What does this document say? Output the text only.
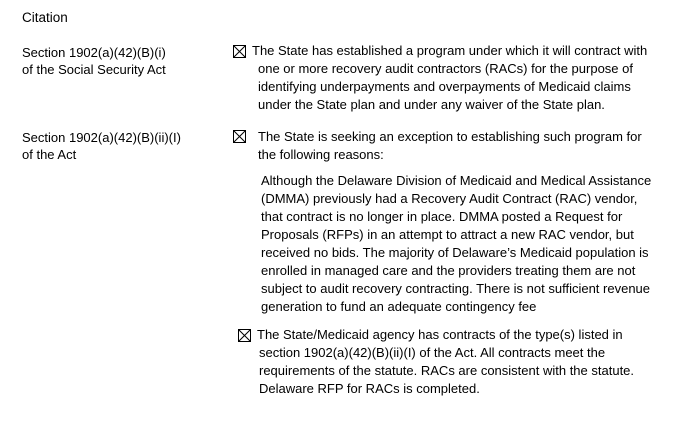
Citation
Section 1902(a)(42)(B)(i)
of the Social Security Act
The State has established a program under which it will contract with
one or more recovery audit contractors (RACs) for the purpose of
identifying underpayments and overpayments of Medicaid claims
under the State plan and under any waiver of the State plan.
Section 1902(a)(42)(B)(ii)(I)
of the Act
The State is seeking an exception to establishing such program for
the following reasons:
Although the Delaware Division of Medicaid and Medical Assistance
(DMMA) previously had a Recovery Audit Contract (RAC) vendor,
that contract is no longer in place. DMMA posted a Request for
Proposals (RFPs) in an attempt to attract a new RAC vendor, but
received no bids. The majority of Delaware’s Medicaid population is
enrolled in managed care and the providers treating them are not
subject to audit recovery contracting. There is not sufficient revenue
generation to fund an adequate contingency fee
The State/Medicaid agency has contracts of the type(s) listed in
section 1902(a)(42)(B)(ii)(I) of the Act. All contracts meet the
requirements of the statute. RACs are consistent with the statute.
Delaware RFP for RACs is completed.
